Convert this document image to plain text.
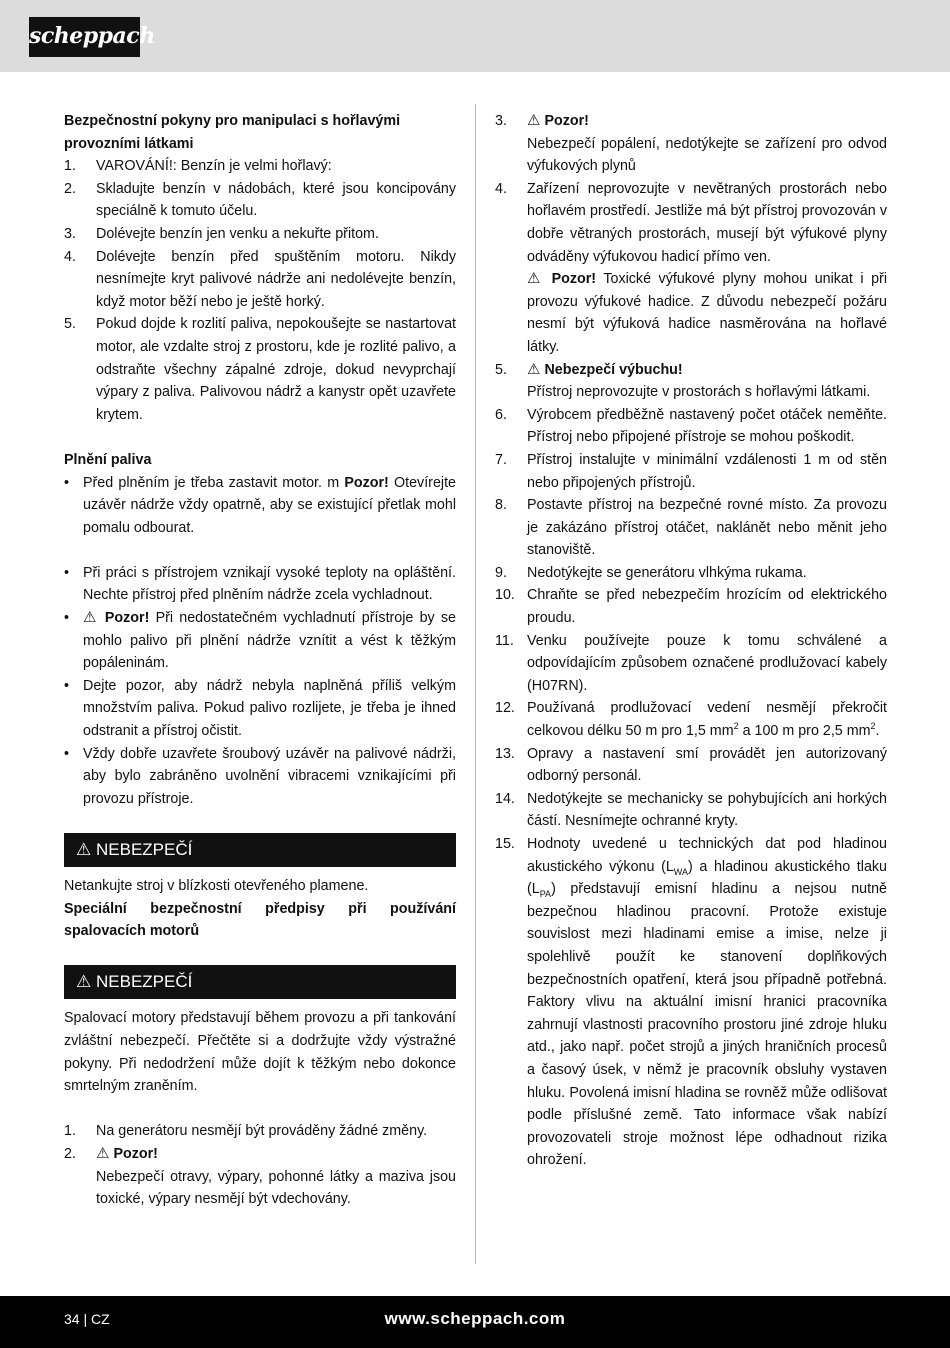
scheppach
Bezpečnostní pokyny pro manipulaci s hořlavými provozními látkami
1.	VAROVÁNÍ!: Benzín je velmi hořlavý:
2.	Skladujte benzín v nádobách, které jsou koncipovány speciálně k tomuto účelu.
3.	Dolévejte benzín jen venku a nekuřte přitom.
4.	Dolévejte benzín před spuštěním motoru. Nikdy nesnímejte kryt palivové nádrže ani nedolévejte benzín, když motor běží nebo je ještě horký.
5.	Pokud dojde k rozlití paliva, nepokoušejte se nastartovat motor, ale vzdalte stroj z prostoru, kde je rozlité palivo, a odstraňte všechny zápalné zdroje, dokud nevyprchají výpary z paliva. Palivovou nádrž a kanystr opět uzavřete krytem.
Plnění paliva
• Před plněním je třeba zastavit motor. m Pozor! Otevírejte uzávěr nádrže vždy opatrně, aby se existující přetlak mohl pomalu odbourat.
• Při práci s přístrojem vznikají vysoké teploty na opláštění. Nechte přístroj před plněním nádrže zcela vychladnout.
• ⚠ Pozor! Při nedostatečném vychladnutí přístroje by se mohlo palivo při plnění nádrže vznítit a vést k těžkým popáleninám.
• Dejte pozor, aby nádrž nebyla naplněná příliš velkým množstvím paliva. Pokud palivo rozlijete, je třeba je ihned odstranit a přístroj očistit.
• Vždy dobře uzavřete šroubový uzávěr na palivové nádrži, aby bylo zabráněno uvolnění vibracemi vznikajícími při provozu přístroje.
⚠ NEBEZPEČÍ
Netankujte stroj v blízkosti otevřeného plamene.
Speciální bezpečnostní předpisy při používání spalovacích motorů
⚠ NEBEZPEČÍ
Spalovací motory představují během provozu a při tankování zvláštní nebezpečí. Přečtěte si a dodržujte vždy výstražné pokyny. Při nedodržení může dojít k těžkým nebo dokonce smrtelným zraněním.
1.	Na generátoru nesmějí být prováděny žádné změny.
2.	⚠ Pozor!
Nebezpečí otravy, výpary, pohonné látky a maziva jsou toxické, výpary nesmějí být vdechovány.
3.	⚠ Pozor!
Nebezpečí popálení, nedotýkejte se zařízení pro odvod výfukových plynů
4.	Zařízení neprovozujte v nevětraných prostorách nebo hořlavém prostředí. Jestliže má být přístroj provozován v dobře větraných prostorách, musejí být výfukové plyny odváděny výfukovou hadicí přímo ven.
⚠ Pozor! Toxické výfukové plyny mohou unikat i při provozu výfukové hadice. Z důvodu nebezpečí požáru nesmí být výfuková hadice nasměrována na hořlavé látky.
5.	⚠ Nebezpečí výbuchu!
Přístroj neprovozujte v prostorách s hořlavými látkami.
6.	Výrobcem předběžně nastavený počet otáček neměňte. Přístroj nebo připojené přístroje se mohou poškodit.
7.	Přístroj instalujte v minimální vzdálenosti 1 m od stěn nebo připojených přístrojů.
8.	Postavte přístroj na bezpečné rovné místo. Za provozu je zakázáno přístroj otáčet, naklánět nebo měnit jeho stanoviště.
9.	Nedotýkejte se generátoru vlhkýma rukama.
10. Chraňte se před nebezpečím hrozícím od elektrického proudu.
11. Venku používejte pouze k tomu schválené a odpovídajícím způsobem označené prodlužovací kabely (H07RN).
12. Používaná prodlužovací vedení nesmějí překročit celkovou délku 50 m pro 1,5 $mm^2$ a 100 m pro 2,5 $mm^2$.
13. Opravy a nastavení smí provádět jen autorizovaný odborný personál.
14. Nedotýkejte se mechanicky se pohybujících ani horkých částí. Nesnímejte ochranné kryty.
15. Hodnoty uvedené u technických dat pod hladinou akustického výkonu $(L_{WA})$ a hladinou akustického tlaku $(L_{PA})$ představují emisní hladinu a nejsou nutně bezpečnou hladinou pracovní. Protože existuje souvislost mezi hladinami emise a imise, nelze ji spolehlivě použít ke stanovení doplňkových bezpečnostních opatření, která jsou případně potřebná. Faktory vlivu na aktuální imisní hranici pracovníka zahrnují vlastnosti pracovního prostoru jiné zdroje hluku atd., jako např. počet strojů a jiných hraničních procesů a časový úsek, v němž je pracovník obsluhy vystaven hluku. Povolená imisní hladina se rovněž může odlišovat podle příslušné země. Tato informace však nabízí provozovateli stroje možnost lépe odhadnout rizika ohrožení.
www.scheppach.com
34 | CZ
